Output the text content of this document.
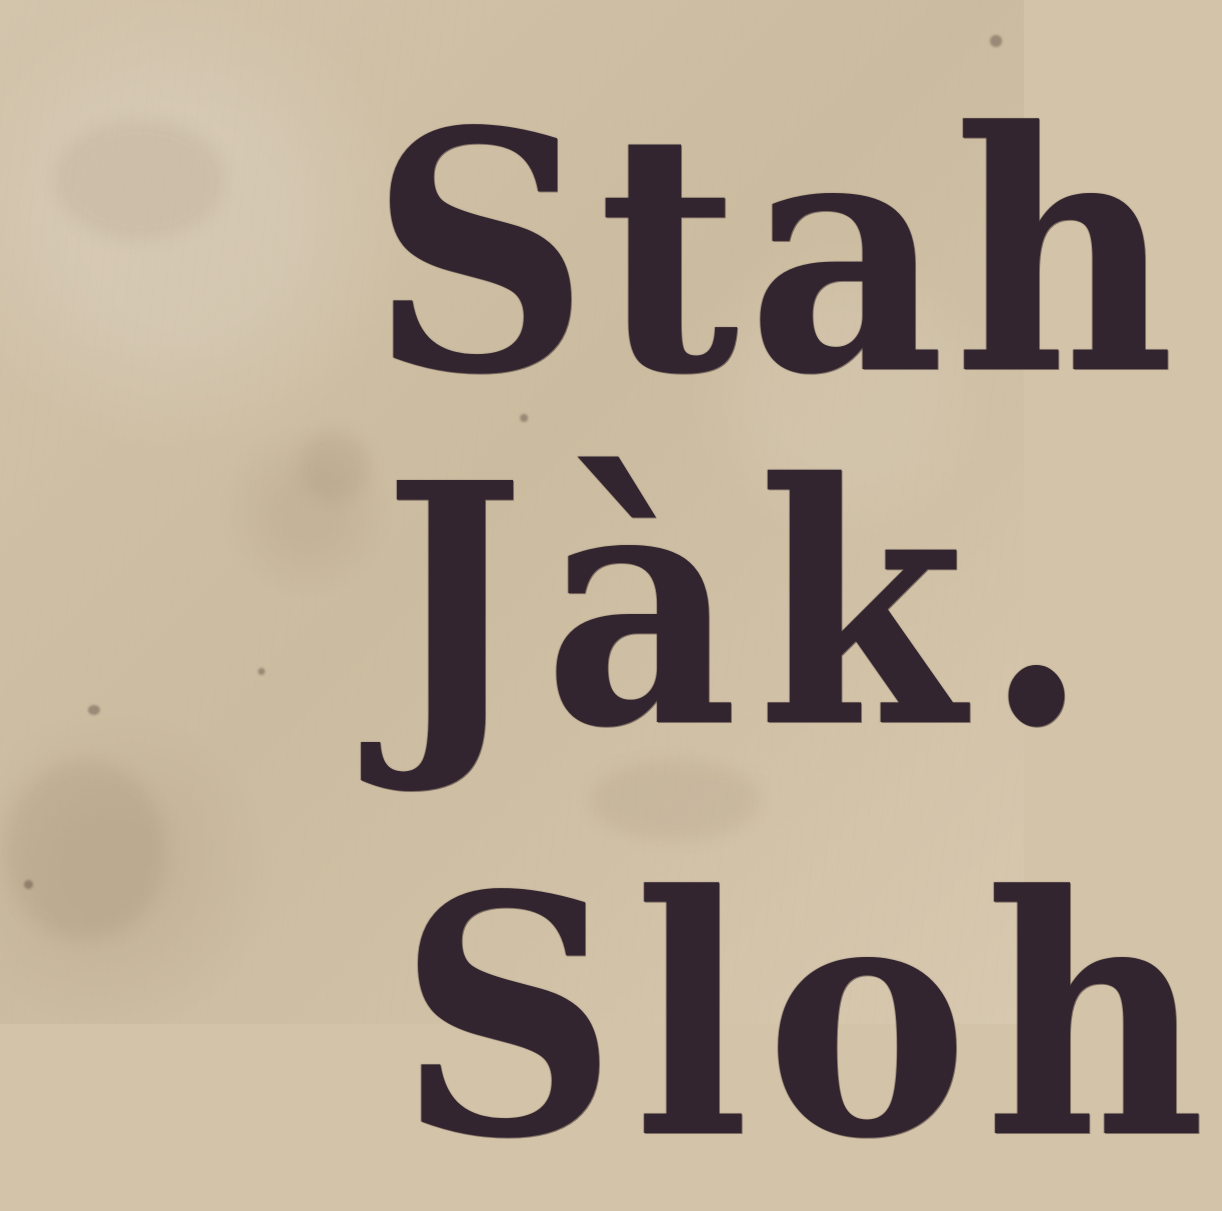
Stah
Jàk.
Sloh
